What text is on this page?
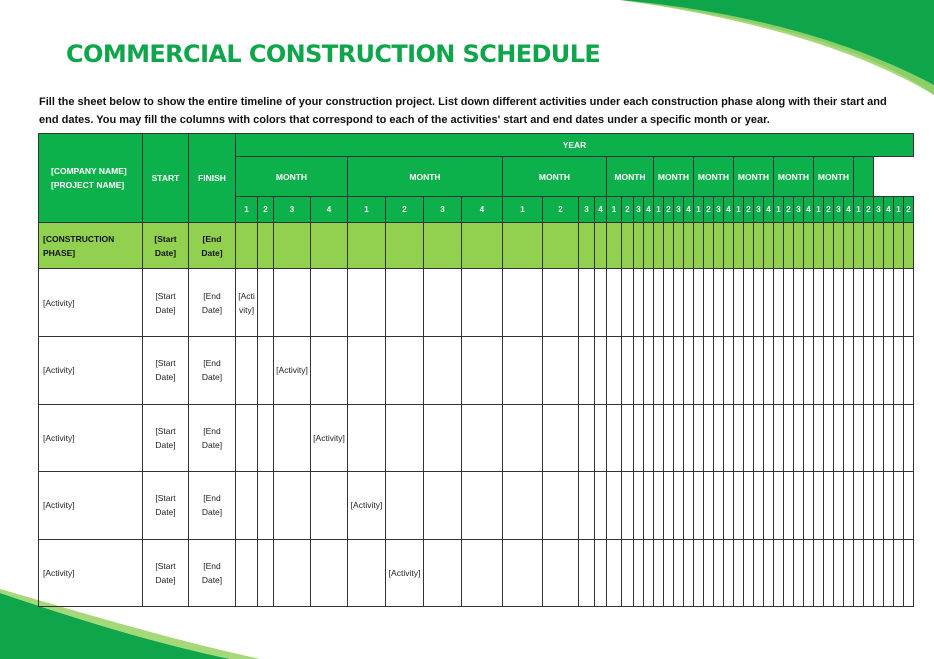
COMMERCIAL CONSTRUCTION SCHEDULE

Fill the sheet below to show the entire timeline of your construction project. List down different activities under each construction phase along with their start and end dates. You may fill the columns with colors that correspond to each of the activities' start and end dates under a specific month or year.

[COMPANY NAME]
[PROJECT NAME]	START	FINISH	YEAR																																									
			MONTH				MONTH				MONTH				MONTH				MONTH				MONTH				MONTH				MONTH				MONTH									
			1	2	3	4	1	2	3	4	1	2	3	4	1	2	3	4	1	2	3	4	1	2	3	4	1	2	3	4	1	2	3	4	1	2	3	4	1	2	3	4	1	2
[CONSTRUCTION PHASE]	[Start Date]	[End Date]																																										

[Activity]	[Start Date]	[End Date]	[Activity]																																									

[Activity]	[Start Date]	[End Date]			[Activity]																																							

[Activity]	[Start Date]	[End Date]				[Activity]																																						

[Activity]	[Start Date]	[End Date]					[Activity]																																					

[Activity]	[Start Date]	[End Date]						[Activity]																																				
